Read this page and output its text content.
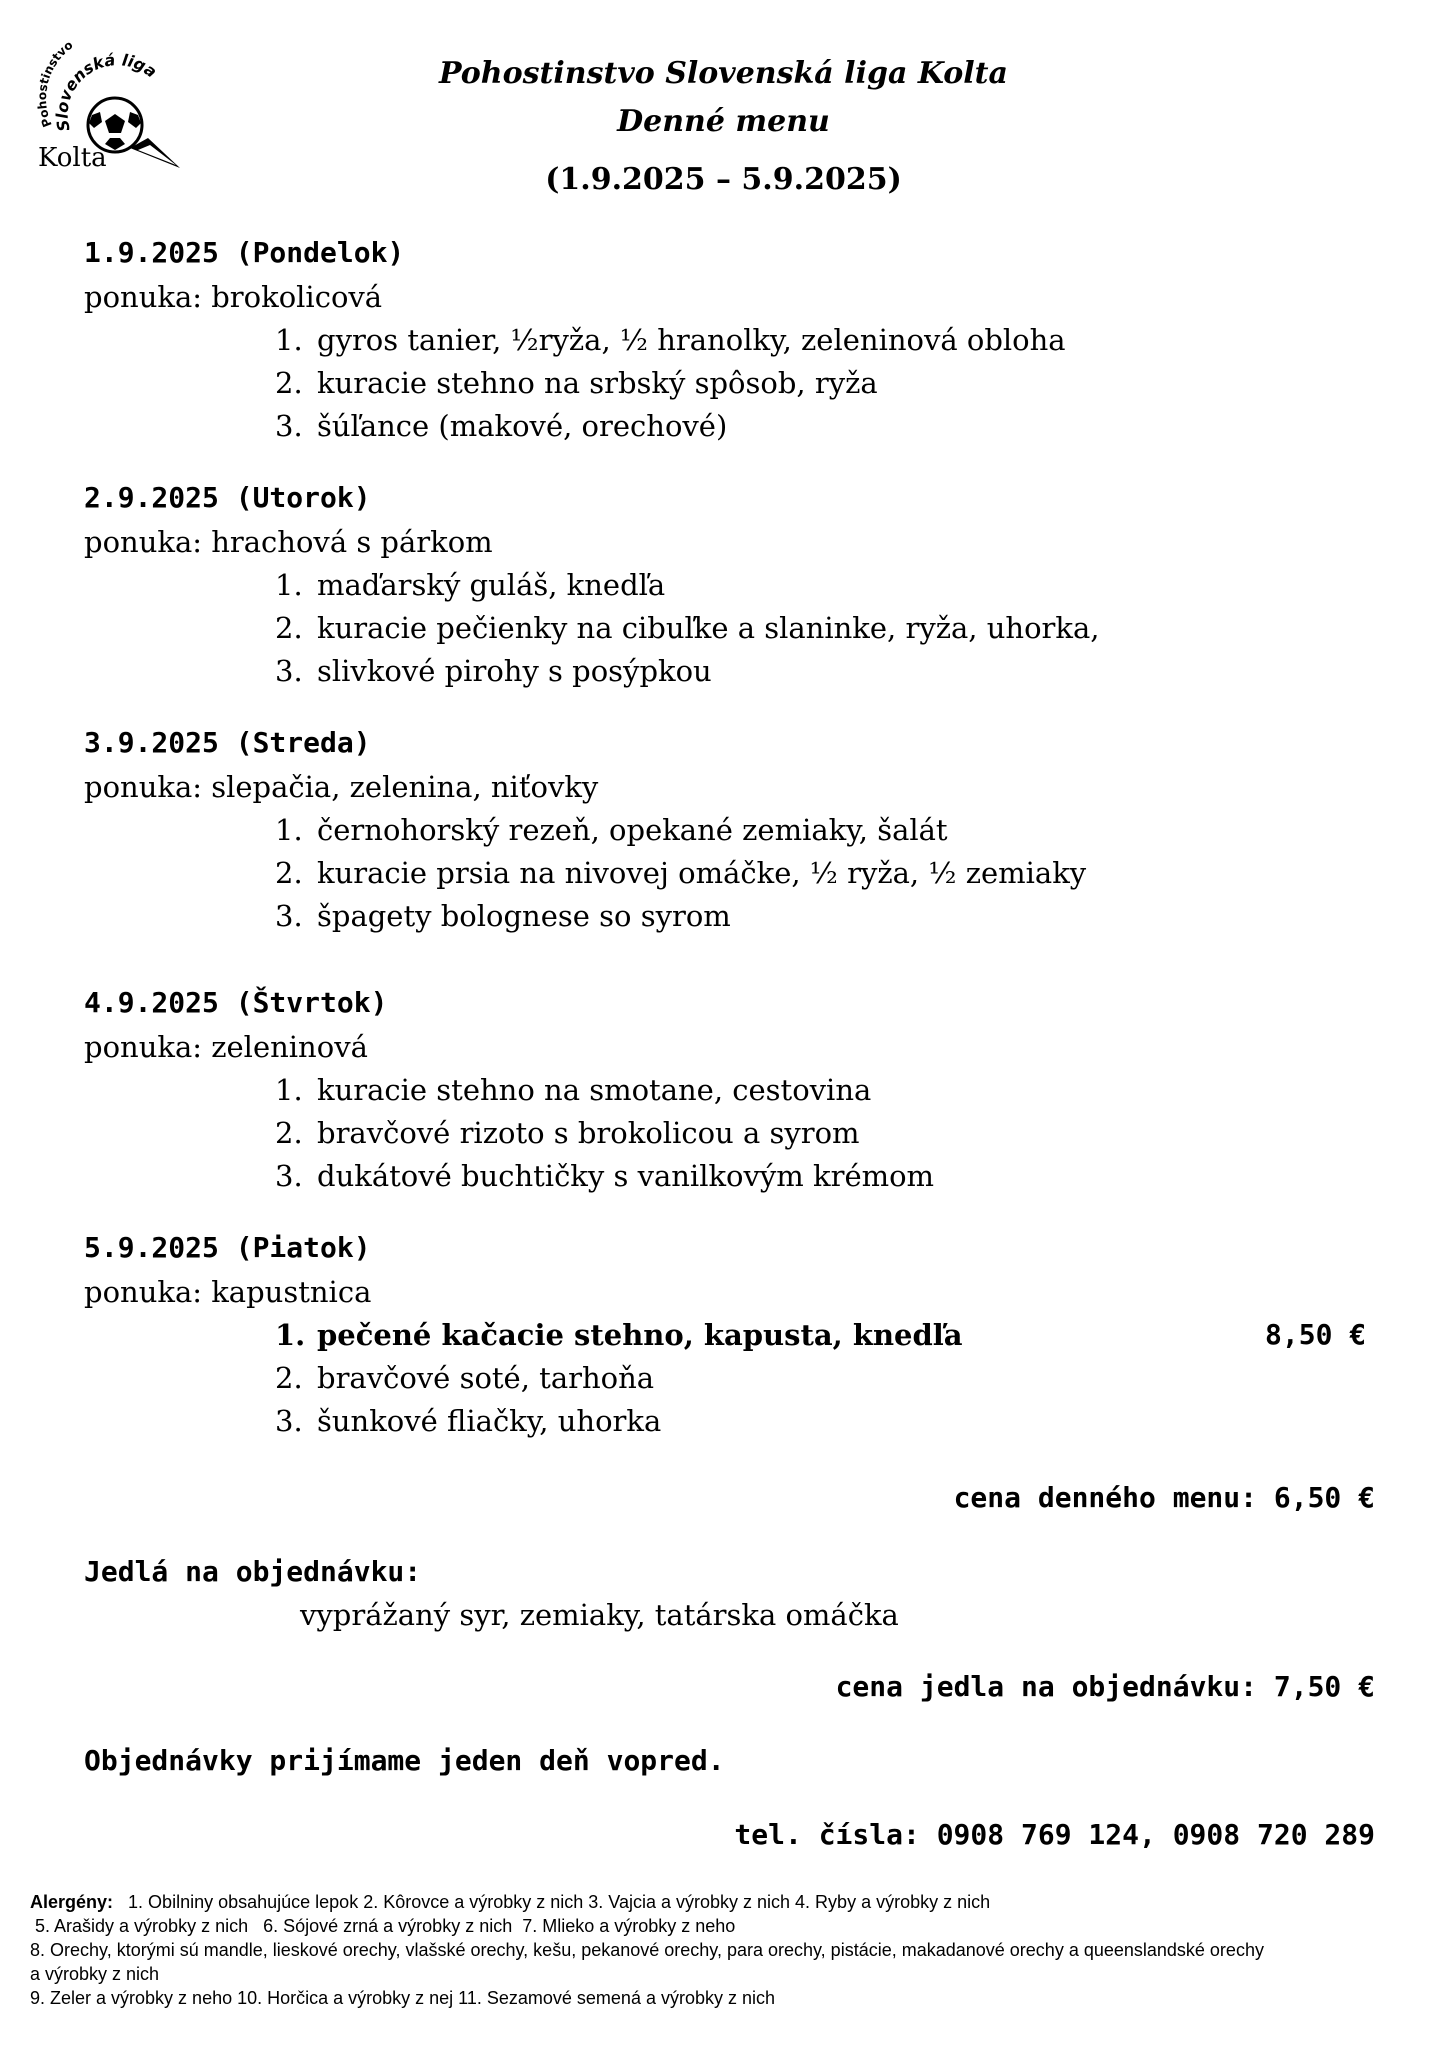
Pohostinstvo
Slovenská liga
Kolta
Pohostinstvo Slovenská liga Kolta
Denné menu
(1.9.2025 – 5.9.2025)
1.9.2025 (Pondelok)
ponuka: brokolicová
1. gyros tanier, ½ryža, ½ hranolky, zeleninová obloha
2. kuracie stehno na srbský spôsob, ryža
3. šúľance (makové, orechové)
2.9.2025 (Utorok)
ponuka: hrachová s párkom
1. maďarský guláš, knedľa
2. kuracie pečienky na cibuľke a slaninke, ryža, uhorka,
3. slivkové pirohy s posýpkou
3.9.2025 (Streda)
ponuka: slepačia, zelenina, niťovky
1. černohorský rezeň, opekané zemiaky, šalát
2. kuracie prsia na nivovej omáčke, ½ ryža, ½ zemiaky
3. špagety bolognese so syrom
4.9.2025 (Štvrtok)
ponuka: zeleninová
1. kuracie stehno na smotane, cestovina
2. bravčové rizoto s brokolicou a syrom
3. dukátové buchtičky s vanilkovým krémom
5.9.2025 (Piatok)
ponuka: kapustnica
1. pečené kačacie stehno, kapusta, knedľa	8,50 €
2. bravčové soté, tarhoňa
3. šunkové fliačky, uhorka
cena denného menu: 6,50 €
Jedlá na objednávku:
vyprážaný syr, zemiaky, tatárska omáčka
cena jedla na objednávku: 7,50 €
Objednávky prijímame jeden deň vopred.
tel. čísla: 0908 769 124, 0908 720 289
Alergény: 1. Obilniny obsahujúce lepok 2. Kôrovce a výrobky z nich 3. Vajcia a výrobky z nich 4. Ryby a výrobky z nich
5. Arašidy a výrobky z nich   6. Sójové zrná a výrobky z nich  7. Mlieko a výrobky z neho
8. Orechy, ktorými sú mandle, lieskové orechy, vlašské orechy, kešu, pekanové orechy, para orechy, pistácie, makadanové orechy a queenslandské orechy
a výrobky z nich
9. Zeler a výrobky z neho 10. Horčica a výrobky z nej 11. Sezamové semená a výrobky z nich
